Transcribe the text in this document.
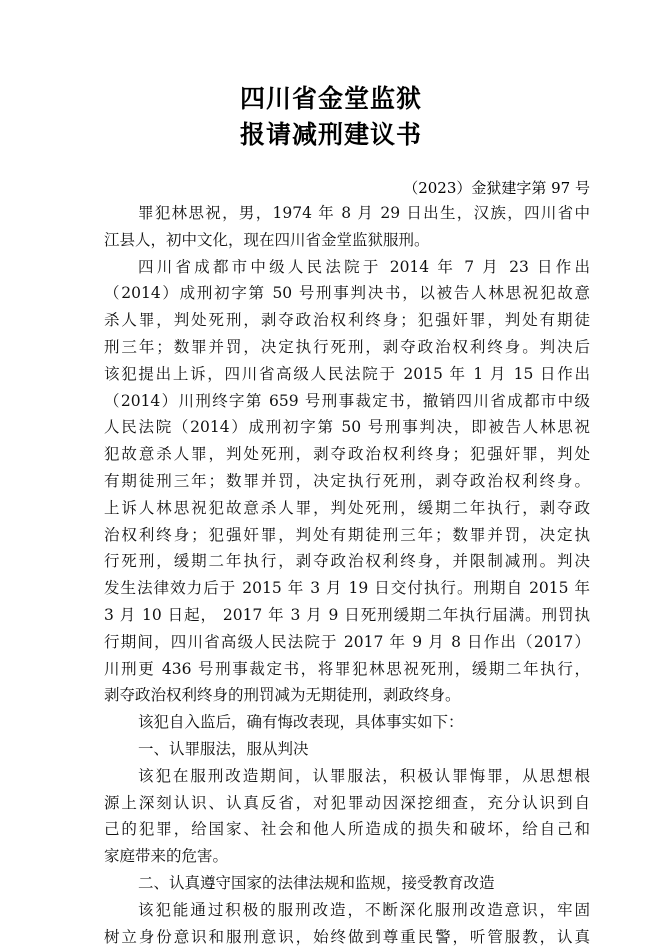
四川省金堂监狱
报请减刑建议书
（2023）金狱建字第 97 号
罪犯林思祝，男，1974 年 8 月 29 日出生，汉族，四川省中
江县人，初中文化，现在四川省金堂监狱服刑。
四川省成都市中级人民法院于 2014 年 7 月 23 日作出
（2014）成刑初字第 50 号刑事判决书，以被告人林思祝犯故意
杀人罪，判处死刑，剥夺政治权利终身；犯强奸罪，判处有期徒
刑三年；数罪并罚，决定执行死刑，剥夺政治权利终身。判决后
该犯提出上诉，四川省高级人民法院于 2015 年 1 月 15 日作出
（2014）川刑终字第 659 号刑事裁定书，撤销四川省成都市中级
人民法院（2014）成刑初字第 50 号刑事判决，即被告人林思祝
犯故意杀人罪，判处死刑，剥夺政治权利终身；犯强奸罪，判处
有期徒刑三年；数罪并罚，决定执行死刑，剥夺政治权利终身。
上诉人林思祝犯故意杀人罪，判处死刑，缓期二年执行，剥夺政
治权利终身；犯强奸罪，判处有期徒刑三年；数罪并罚，决定执
行死刑，缓期二年执行，剥夺政治权利终身，并限制减刑。判决
发生法律效力后于 2015 年 3 月 19 日交付执行。刑期自 2015 年
3 月 10 日起， 2017 年 3 月 9 日死刑缓期二年执行届满。刑罚执
行期间，四川省高级人民法院于 2017 年 9 月 8 日作出（2017）
川刑更 436 号刑事裁定书，将罪犯林思祝死刑，缓期二年执行，
剥夺政治权利终身的刑罚减为无期徒刑，剥政终身。
该犯自入监后，确有悔改表现，具体事实如下：
一、认罪服法，服从判决
该犯在服刑改造期间，认罪服法，积极认罪悔罪，从思想根
源上深刻认识、认真反省，对犯罪动因深挖细查，充分认识到自
己的犯罪，给国家、社会和他人所造成的损失和破坏，给自己和
家庭带来的危害。
二、认真遵守国家的法律法规和监规，接受教育改造
该犯能通过积极的服刑改造，不断深化服刑改造意识，牢固
树立身份意识和服刑意识，始终做到尊重民警，听管服教，认真
